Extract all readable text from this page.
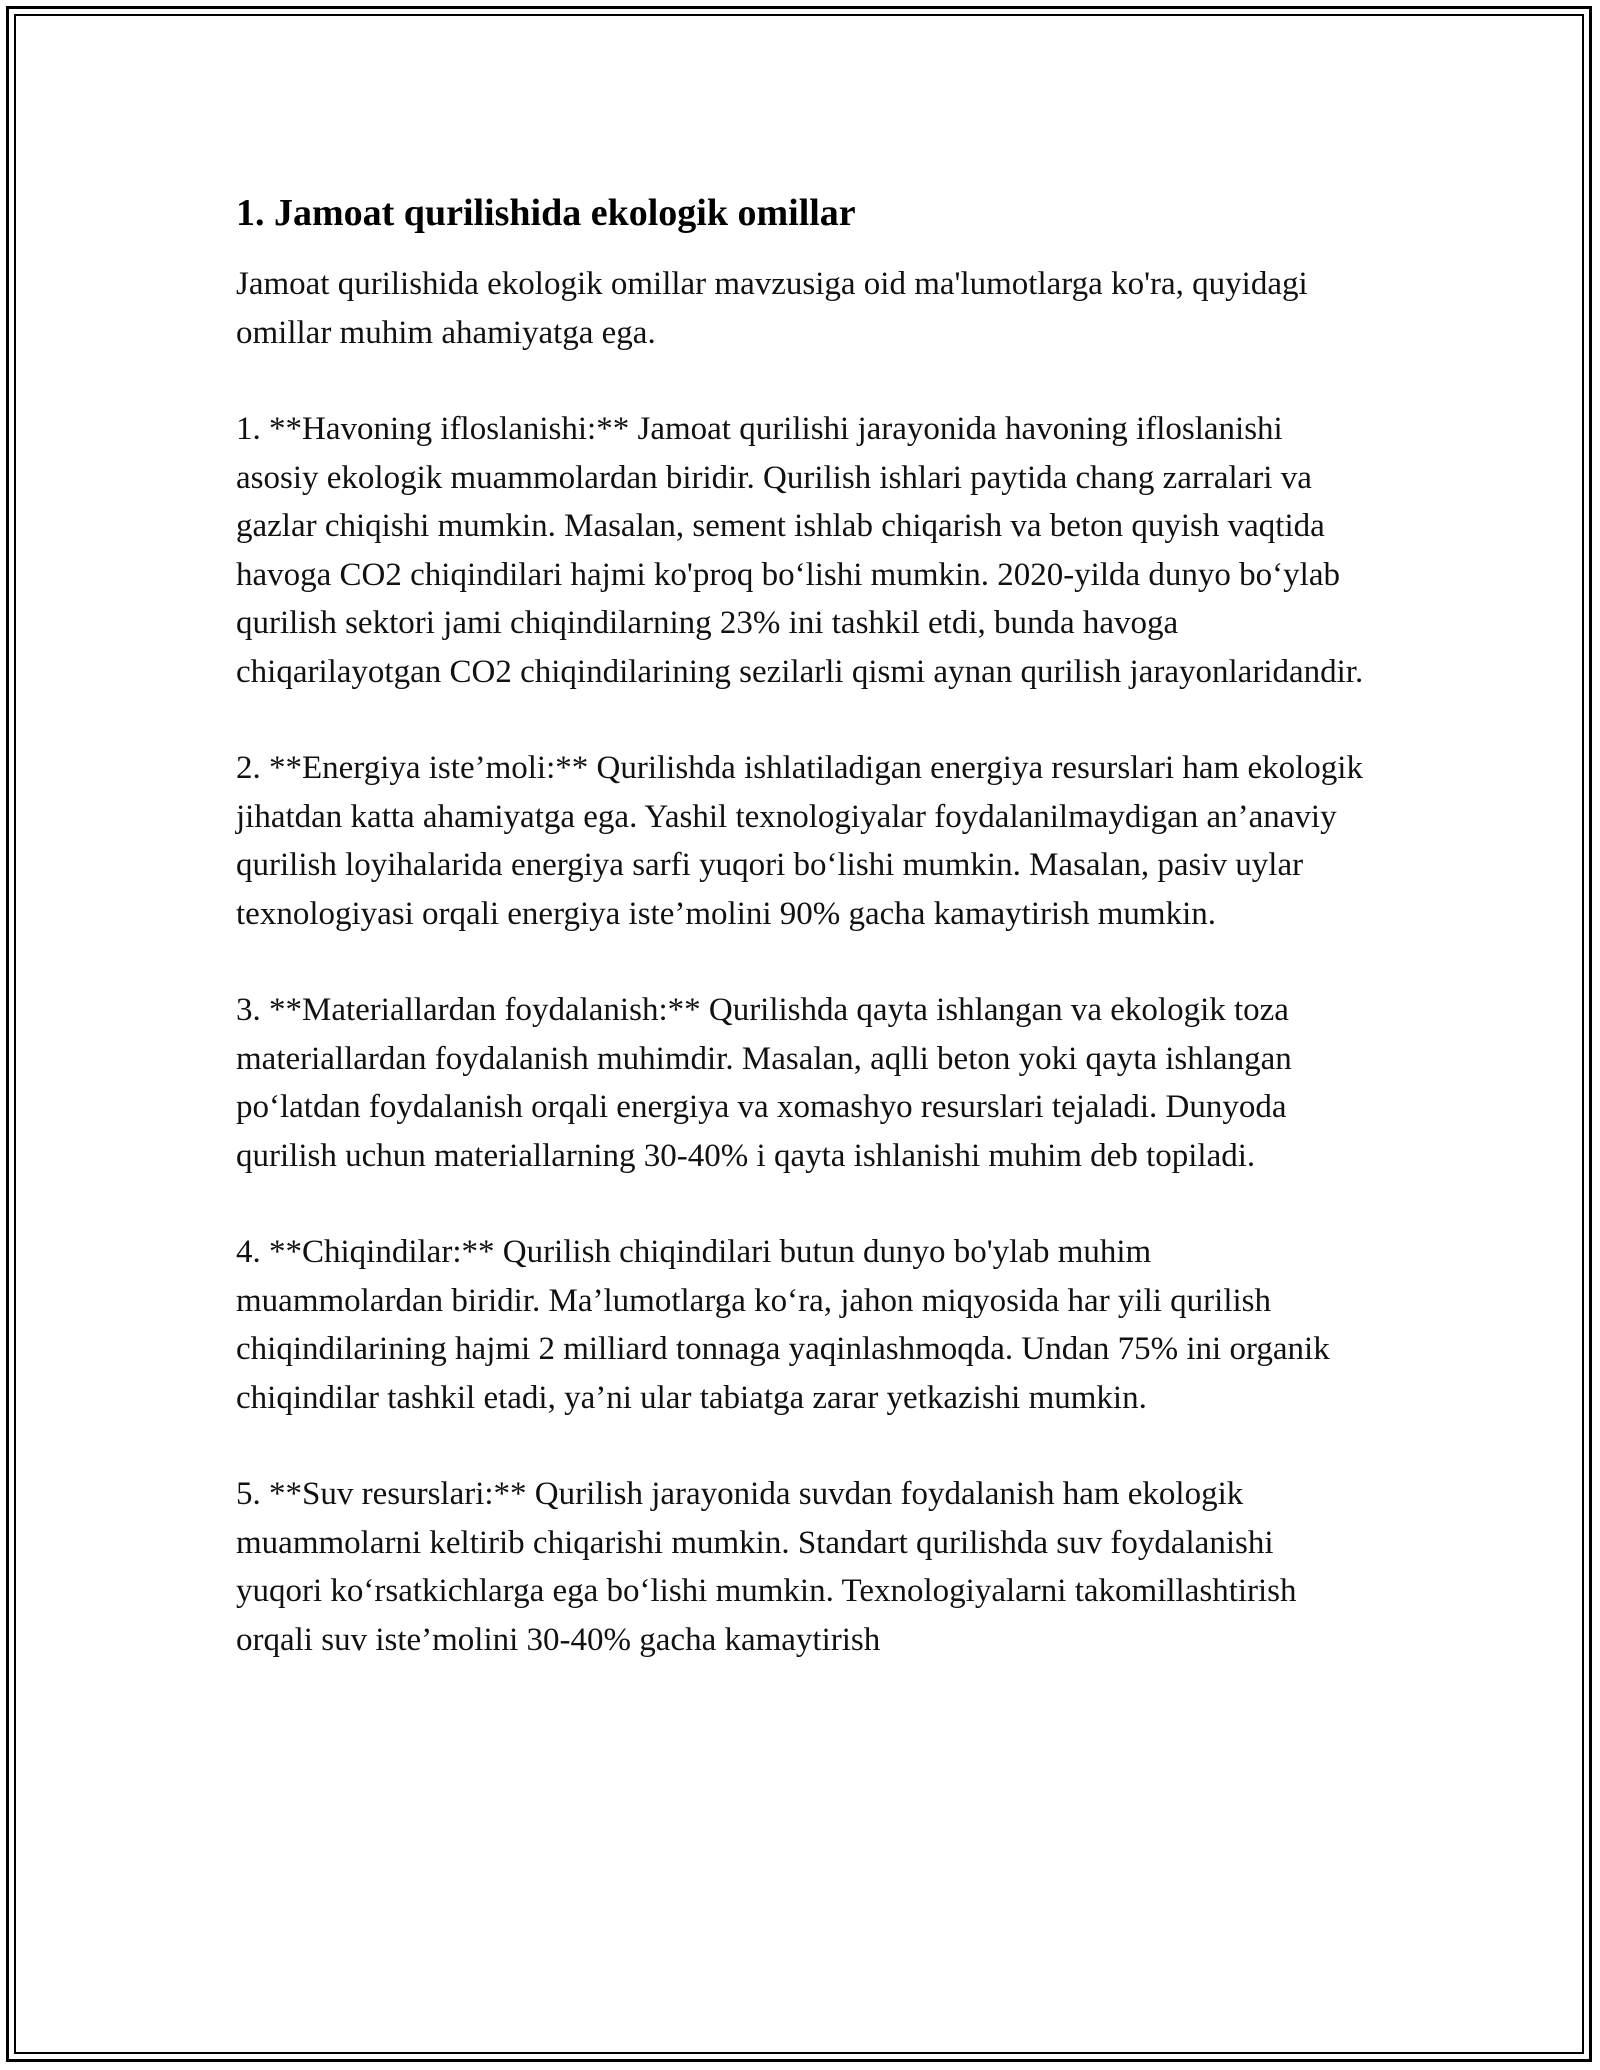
1. Jamoat qurilishida ekologik omillar

Jamoat qurilishida ekologik omillar mavzusiga oid ma'lumotlarga ko'ra, quyidagi omillar muhim ahamiyatga ega.

1. **Havoning ifloslanishi:** Jamoat qurilishi jarayonida havoning ifloslanishi asosiy ekologik muammolardan biridir. Qurilish ishlari paytida chang zarralari va gazlar chiqishi mumkin. Masalan, sement ishlab chiqarish va beton quyish vaqtida havoga CO2 chiqindilari hajmi ko'proq bo‘lishi mumkin. 2020-yilda dunyo bo‘ylab qurilish sektori jami chiqindilarning 23% ini tashkil etdi, bunda havoga chiqarilayotgan CO2 chiqindilarining sezilarli qismi aynan qurilish jarayonlaridandir.

2. **Energiya iste’moli:** Qurilishda ishlatiladigan energiya resurslari ham ekologik jihatdan katta ahamiyatga ega. Yashil texnologiyalar foydalanilmaydigan an’anaviy qurilish loyihalarida energiya sarfi yuqori bo‘lishi mumkin. Masalan, pasiv uylar texnologiyasi orqali energiya iste’molini 90% gacha kamaytirish mumkin.

3. **Materiallardan foydalanish:** Qurilishda qayta ishlangan va ekologik toza materiallardan foydalanish muhimdir. Masalan, aqlli beton yoki qayta ishlangan po‘latdan foydalanish orqali energiya va xomashyo resurslari tejaladi. Dunyoda qurilish uchun materiallarning 30-40% i qayta ishlanishi muhim deb topiladi.

4. **Chiqindilar:** Qurilish chiqindilari butun dunyo bo'ylab muhim muammolardan biridir. Ma’lumotlarga ko‘ra, jahon miqyosida har yili qurilish chiqindilarining hajmi 2 milliard tonnaga yaqinlashmoqda. Undan 75% ini organik chiqindilar tashkil etadi, ya’ni ular tabiatga zarar yetkazishi mumkin.

5. **Suv resurslari:** Qurilish jarayonida suvdan foydalanish ham ekologik muammolarni keltirib chiqarishi mumkin. Standart qurilishda suv foydalanishi yuqori ko‘rsatkichlarga ega bo‘lishi mumkin. Texnologiyalarni takomillashtirish orqali suv iste’molini 30-40% gacha kamaytirish
